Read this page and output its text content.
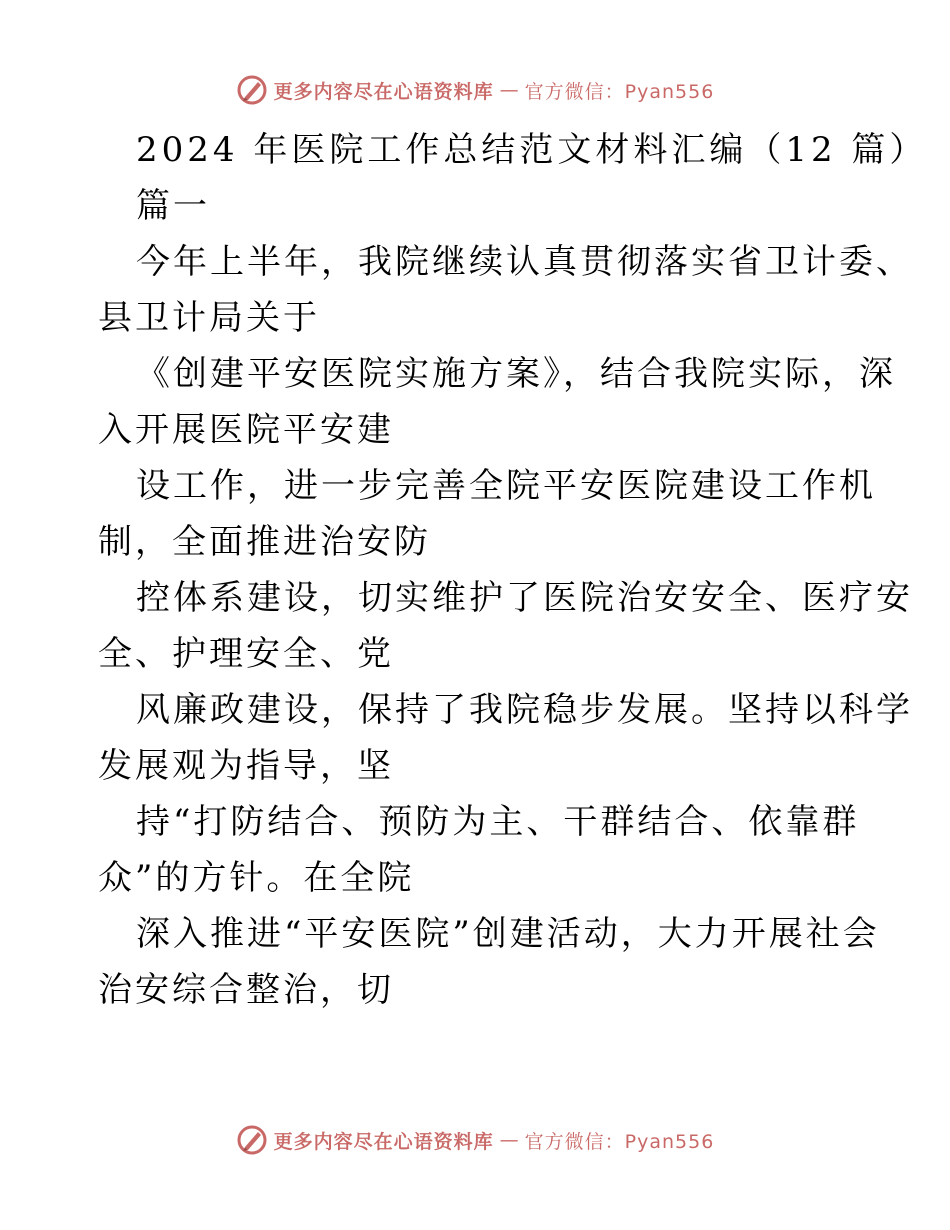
更多内容尽在心语资料库 — 官方微信：Pyan556
2024 年医院工作总结范文材料汇编（12 篇）
篇一
今年上半年，我院继续认真贯彻落实省卫计委、
县卫计局关于
《创建平安医院实施方案》，结合我院实际，深
入开展医院平安建
设工作，进一步完善全院平安医院建设工作机
制，全面推进治安防
控体系建设，切实维护了医院治安安全、医疗安
全、护理安全、党
风廉政建设，保持了我院稳步发展。坚持以科学
发展观为指导，坚
持“打防结合、预防为主、干群结合、依靠群
众”的方针。在全院
深入推进“平安医院”创建活动，大力开展社会
治安综合整治，切
更多内容尽在心语资料库 — 官方微信：Pyan556
